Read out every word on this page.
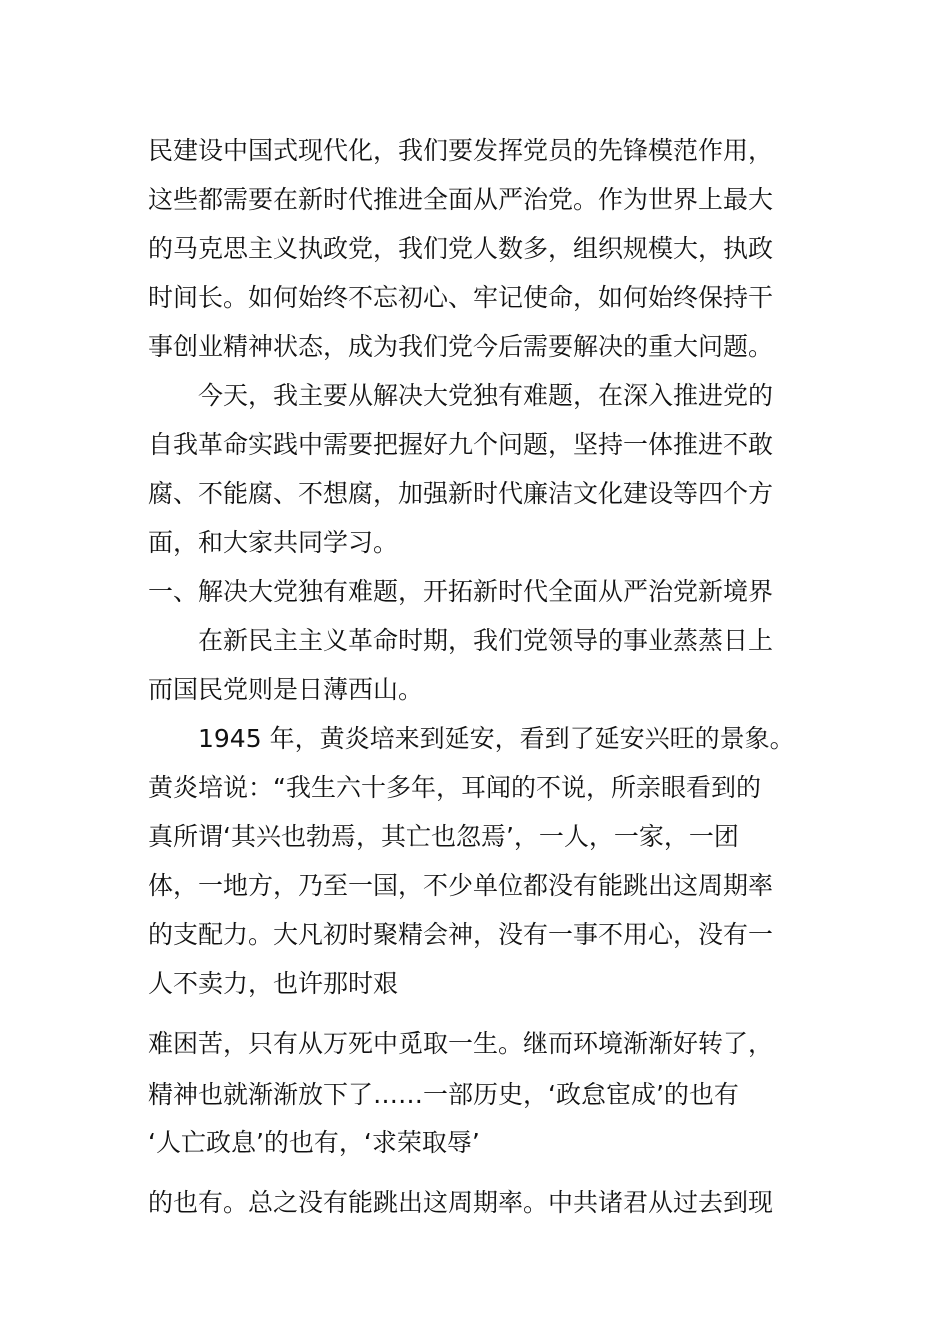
民建设中国式现代化，我们要发挥党员的先锋模范作用，
这些都需要在新时代推进全面从严治党。作为世界上最大
的马克思主义执政党，我们党人数多，组织规模大，执政
时间长。如何始终不忘初心、牢记使命，如何始终保持干
事创业精神状态，成为我们党今后需要解决的重大问题。
今天，我主要从解决大党独有难题，在深入推进党的
自我革命实践中需要把握好九个问题，坚持一体推进不敢
腐、不能腐、不想腐，加强新时代廉洁文化建设等四个方
面，和大家共同学习。
一、解决大党独有难题，开拓新时代全面从严治党新境界
在新民主主义革命时期，我们党领导的事业蒸蒸日上
而国民党则是日薄西山。
1945 年，黄炎培来到延安，看到了延安兴旺的景象。
黄炎培说：“我生六十多年，耳闻的不说，所亲眼看到的
真所谓‘其兴也勃焉，其亡也忽焉’，一人，一家，一团
体，一地方，乃至一国，不少单位都没有能跳出这周期率
的支配力。大凡初时聚精会神，没有一事不用心，没有一
人不卖力，也许那时艰
难困苦，只有从万死中觅取一生。继而环境渐渐好转了，
精神也就渐渐放下了……一部历史，‘政怠宦成’的也有
‘人亡政息’的也有，‘求荣取辱’
的也有。总之没有能跳出这周期率。中共诸君从过去到现
